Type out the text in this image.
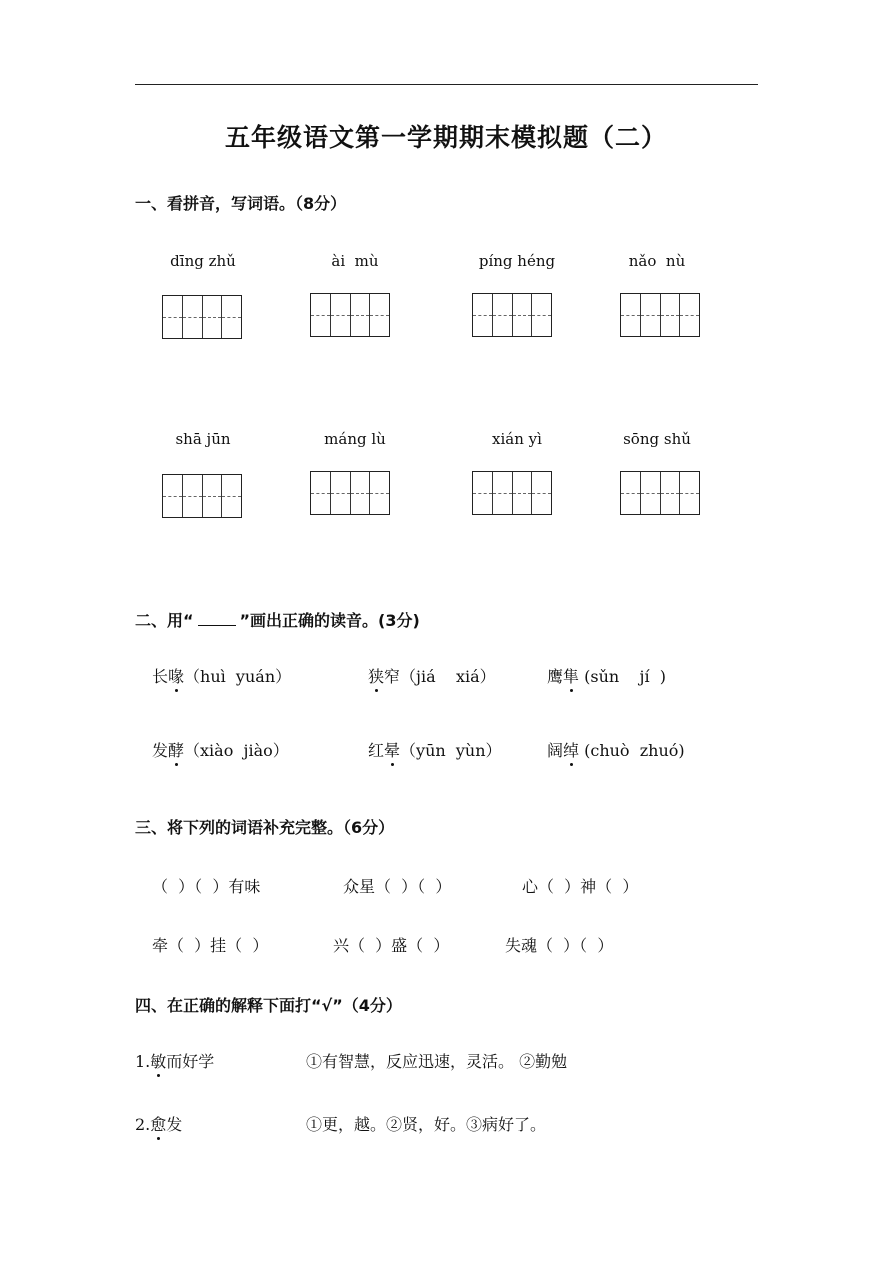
五年级语文第一学期期末模拟题（二）
一、看拼音，写词语。（8分）
dīng zhǔ	ài  mù	píng héng	nǎo  nù
shā jūn	máng lù	xián yì	sōng shǔ
二、用“	”画出正确的读音。(3分)
长喙（huì  yuán）	狭窄（jiá    xiá）	鹰隼 (sǔn    jí  )
发酵（xiào  jiào）	红晕（yūn  yùn）	阔绰 (chuò  zhuó)
三、将下列的词语补充完整。（6分）
（  ）（  ）有味	众星（  ）（  ）	心（  ）神（  ）
牵（  ）挂（  ）	兴（  ）盛（  ）	失魂（  ）（  ）
四、在正确的解释下面打“√”（4分）
1.敏而好学	①有智慧，反应迅速，灵活。 ②勤勉
2.愈发	①更，越。②贤，好。③病好了。
